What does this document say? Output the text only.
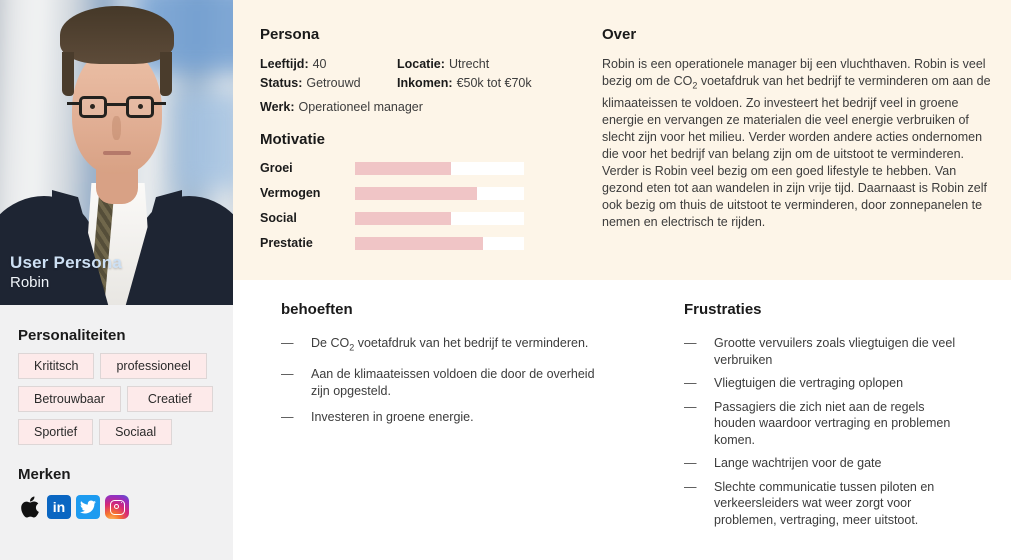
User Persona
Robin
Personaliteiten
Krititsch	professioneel
Betrouwbaar	Creatief
Sportief	Sociaal
Merken
in
Persona
Leeftijd: 40	Locatie: Utrecht
Status: Getrouwd	Inkomen: €50k tot €70k
Werk: Operationeel manager
Motivatie
Groei
Vermogen
Social
Prestatie
Over

Robin is een operationele manager bij een vluchthaven. Robin is veel bezig om de $CO_2$ voetafdruk van het bedrijf te verminderen om aan de klimaateissen te voldoen. Zo investeert het bedrijf veel in groene energie en vervangen ze materialen die veel energie verbruiken of slecht zijn voor het milieu. Verder worden andere acties ondernomen die voor het bedrijf van belang zijn om de uitstoot te verminderen. Verder is Robin veel bezig om een goed lifestyle te hebben. Van gezond eten tot aan wandelen in zijn vrije tijd. Daarnaast is Robin zelf ook bezig om thuis de uitstoot te verminderen, door zonnepanelen te nemen en electrisch te rijden.

behoeften
—	De $CO_2$ voetafdruk van het bedrijf te verminderen.
—	Aan de klimaateissen voldoen die door de overheid zijn opgesteld.
—	Investeren in groene energie.
Frustraties
—	Grootte vervuilers zoals vliegtuigen die veel verbruiken
—	Vliegtuigen die vertraging oplopen
—	Passagiers die zich niet aan de regels houden waardoor vertraging en problemen komen.
—	Lange wachtrijen voor de gate
—	Slechte communicatie tussen piloten en verkeersleiders wat weer zorgt voor problemen, vertraging, meer uitstoot.
